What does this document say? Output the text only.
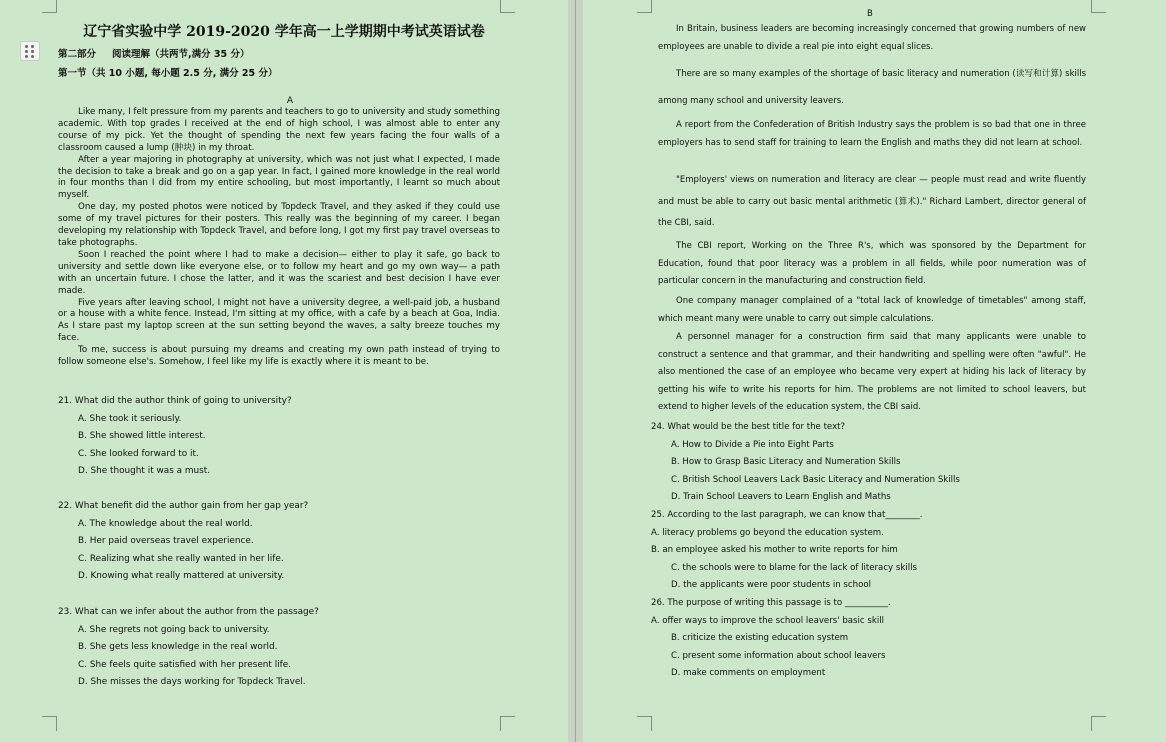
辽宁省实验中学 2019-2020 学年高一上学期期中考试英语试卷
第二部分 阅读理解（共两节,满分 35 分）
第一节（共 10 小题, 每小题 2.5 分, 满分 25 分）
A

Like many, I felt pressure from my parents and teachers to go to university and study something academic. With top grades I received at the end of high school, I was almost able to enter any course of my pick. Yet the thought of spending the next few years facing the four walls of a classroom caused a lump (肿块) in my throat.

After a year majoring in photography at university, which was not just what I expected, I made the decision to take a break and go on a gap year. In fact, I gained more knowledge in the real world in four months than I did from my entire schooling, but most importantly, I learnt so much about myself.

One day, my posted photos were noticed by Topdeck Travel, and they asked if they could use some of my travel pictures for their posters. This really was the beginning of my career. I began developing my relationship with Topdeck Travel, and before long, I got my first pay travel overseas to take photographs.

Soon I reached the point where I had to make a decision— either to play it safe, go back to university and settle down like everyone else, or to follow my heart and go my own way— a path with an uncertain future. I chose the latter, and it was the scariest and best decision I have ever made.

Five years after leaving school, I might not have a university degree, a well-paid job, a husband or a house with a white fence. Instead, I'm sitting at my office, with a cafe by a beach at Goa, India. As I stare past my laptop screen at the sun setting beyond the waves, a salty breeze touches my face.

To me, success is about pursuing my dreams and creating my own path instead of trying to follow someone else's. Somehow, I feel like my life is exactly where it is meant to be.

21. What did the author think of going to university?
A. She took it seriously.
B. She showed little interest.
C. She looked forward to it.
D. She thought it was a must.
22. What benefit did the author gain from her gap year?
A. The knowledge about the real world.
B. Her paid overseas travel experience.
C. Realizing what she really wanted in her life.
D. Knowing what really mattered at university.
23. What can we infer about the author from the passage?
A. She regrets not going back to university.
B. She gets less knowledge in the real world.
C. She feels quite satisfied with her present life.
D. She misses the days working for Topdeck Travel.
B

In Britain, business leaders are becoming increasingly concerned that growing numbers of new employees are unable to divide a real pie into eight equal slices.

There are so many examples of the shortage of basic literacy and numeration (读写和计算) skills among many school and university leavers.

A report from the Confederation of British Industry says the problem is so bad that one in three employers has to send staff for training to learn the English and maths they did not learn at school.

"Employers' views on numeration and literacy are clear — people must read and write fluently and must be able to carry out basic mental arithmetic (算术)." Richard Lambert, director general of the CBI, said.

The CBI report, Working on the Three R's, which was sponsored by the Department for Education, found that poor literacy was a problem in all fields, while poor numeration was of particular concern in the manufacturing and construction field.

One company manager complained of a "total lack of knowledge of timetables" among staff, which meant many were unable to carry out simple calculations.

A personnel manager for a construction firm said that many applicants were unable to construct a sentence and that grammar, and their handwriting and spelling were often "awful". He also mentioned the case of an employee who became very expert at hiding his lack of literacy by getting his wife to write his reports for him. The problems are not limited to school leavers, but extend to higher levels of the education system, the CBI said.

24. What would be the best title for the text?
A. How to Divide a Pie into Eight Parts
B. How to Grasp Basic Literacy and Numeration Skills
C. British School Leavers Lack Basic Literacy and Numeration Skills
D. Train School Leavers to Learn English and Maths
25. According to the last paragraph, we can know that________.
A. literacy problems go beyond the education system.
B. an employee asked his mother to write reports for him
C. the schools were to blame for the lack of literacy skills
D. the applicants were poor students in school
26. The purpose of writing this passage is to __________.
A. offer ways to improve the school leavers' basic skill
B. criticize the existing education system
C. present some information about school leavers
D. make comments on employment
